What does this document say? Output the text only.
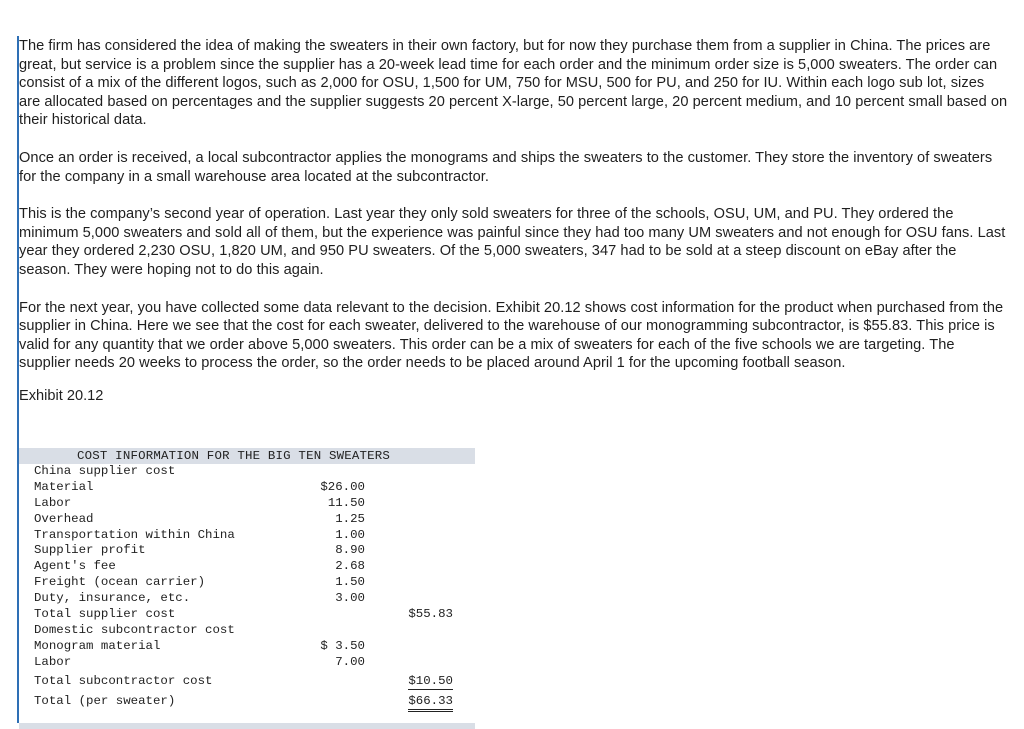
The firm has considered the idea of making the sweaters in their own factory, but for now they purchase them from a supplier in China. The prices are great, but service is a problem since the supplier has a 20-week lead time for each order and the minimum order size is 5,000 sweaters. The order can consist of a mix of the different logos, such as 2,000 for OSU, 1,500 for UM, 750 for MSU, 500 for PU, and 250 for IU. Within each logo sub lot, sizes are allocated based on percentages and the supplier suggests 20 percent X-large, 50 percent large, 20 percent medium, and 10 percent small based on their historical data.

Once an order is received, a local subcontractor applies the monograms and ships the sweaters to the customer. They store the inventory of sweaters for the company in a small warehouse area located at the subcontractor.

This is the company’s second year of operation. Last year they only sold sweaters for three of the schools, OSU, UM, and PU. They ordered the minimum 5,000 sweaters and sold all of them, but the experience was painful since they had too many UM sweaters and not enough for OSU fans. Last year they ordered 2,230 OSU, 1,820 UM, and 950 PU sweaters. Of the 5,000 sweaters, 347 had to be sold at a steep discount on eBay after the season. They were hoping not to do this again.

For the next year, you have collected some data relevant to the decision. Exhibit 20.12 shows cost information for the product when purchased from the supplier in China. Here we see that the cost for each sweater, delivered to the warehouse of our monogramming subcontractor, is $55.83. This price is valid for any quantity that we order above 5,000 sweaters. This order can be a mix of sweaters for each of the five schools we are targeting. The supplier needs 20 weeks to process the order, so the order needs to be placed around April 1 for the upcoming football season.

Exhibit 20.12
COST INFORMATION FOR THE BIG TEN SWEATERS
China supplier cost
Material	$26.00
Labor	11.50
Overhead	1.25
Transportation within China	1.00
Supplier profit	8.90
Agent's fee	2.68
Freight (ocean carrier)	1.50
Duty, insurance, etc.	3.00
Total supplier cost	$55.83
Domestic subcontractor cost
Monogram material	$ 3.50
Labor	7.00
Total subcontractor cost	$10.50
Total (per sweater)	$66.33
